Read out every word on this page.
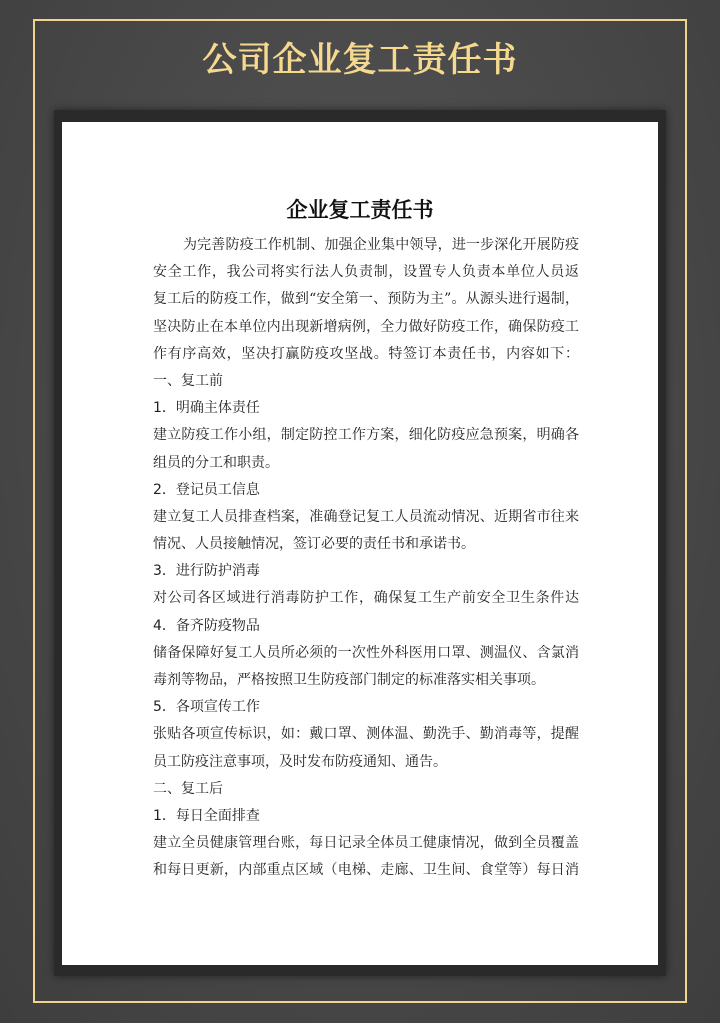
公司企业复工责任书
企业复工责任书
为完善防疫工作机制、加强企业集中领导，进一步深化开展防疫
安全工作，我公司将实行法人负责制，设置专人负责本单位人员返
复工后的防疫工作，做到“安全第一、预防为主”。从源头进行遏制，
坚决防止在本单位内出现新增病例，全力做好防疫工作，确保防疫工
作有序高效，坚决打赢防疫攻坚战。特签订本责任书，内容如下：
一、复工前
1．明确主体责任
建立防疫工作小组，制定防控工作方案，细化防疫应急预案，明确各
组员的分工和职责。
2．登记员工信息
建立复工人员排查档案，准确登记复工人员流动情况、近期省市往来
情况、人员接触情况，签订必要的责任书和承诺书。
3．进行防护消毒
对公司各区域进行消毒防护工作，确保复工生产前安全卫生条件达
4．备齐防疫物品
储备保障好复工人员所必须的一次性外科医用口罩、测温仪、含氯消
毒剂等物品，严格按照卫生防疫部门制定的标准落实相关事项。
5．各项宣传工作
张贴各项宣传标识，如：戴口罩、测体温、勤洗手、勤消毒等，提醒
员工防疫注意事项，及时发布防疫通知、通告。
二、复工后
1．每日全面排查
建立全员健康管理台账，每日记录全体员工健康情况，做到全员覆盖
和每日更新，内部重点区域（电梯、走廊、卫生间、食堂等）每日消
